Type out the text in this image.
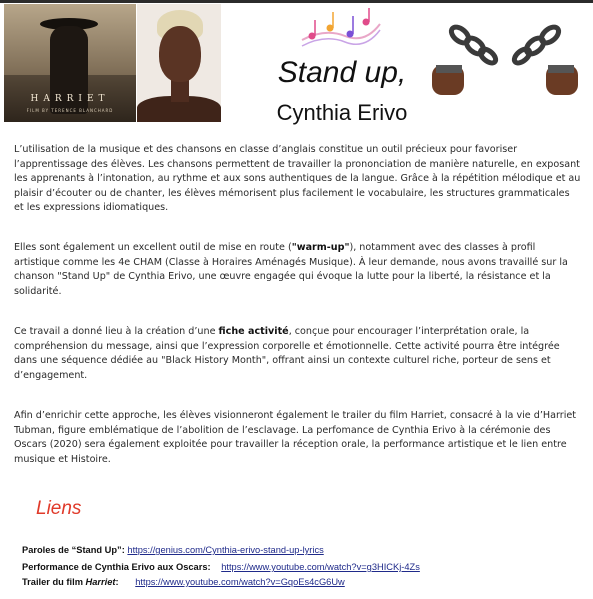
HARRIET
FILM BY TERENCE BLANCHARD
Stand up,
Cynthia Erivo

L’utilisation de la musique et des chansons en classe d’anglais constitue un outil précieux pour favoriser l’apprentissage des élèves. Les chansons permettent de travailler la prononciation de manière naturelle, en exposant les apprenants à l’intonation, au rythme et aux sons authentiques de la langue. Grâce à la répétition mélodique et au plaisir d’écouter ou de chanter, les élèves mémorisent plus facilement le vocabulaire, les structures grammaticales et les expressions idiomatiques.

Elles sont également un excellent outil de mise en route ("warm-up"), notamment avec des classes à profil artistique comme les 4e CHAM (Classe à Horaires Aménagés Musique). À leur demande, nous avons travaillé sur la chanson "Stand Up" de Cynthia Erivo, une œuvre engagée qui évoque la lutte pour la liberté, la résistance et la solidarité.

Ce travail a donné lieu à la création d’une fiche activité, conçue pour encourager l’interprétation orale, la compréhension du message, ainsi que l’expression corporelle et émotionnelle. Cette activité pourra être intégrée dans une séquence dédiée au "Black History Month", offrant ainsi un contexte culturel riche, porteur de sens et d’engagement.

Afin d’enrichir cette approche, les élèves visionneront également le trailer du film Harriet, consacré à la vie d’Harriet Tubman, figure emblématique de l’abolition de l’esclavage. La perfomance de Cynthia Erivo à la cérémonie des Oscars (2020) sera également exploitée pour travailler la réception orale, la performance artistique et le lien entre musique et Histoire.

Liens
Paroles de “Stand Up”: https://genius.com/Cynthia-erivo-stand-up-lyrics
Performance de Cynthia Erivo aux Oscars: https://www.youtube.com/watch?v=g3HICKj-4Zs
Trailer du film Harriet: https://www.youtube.com/watch?v=GqoEs4cG6Uw
